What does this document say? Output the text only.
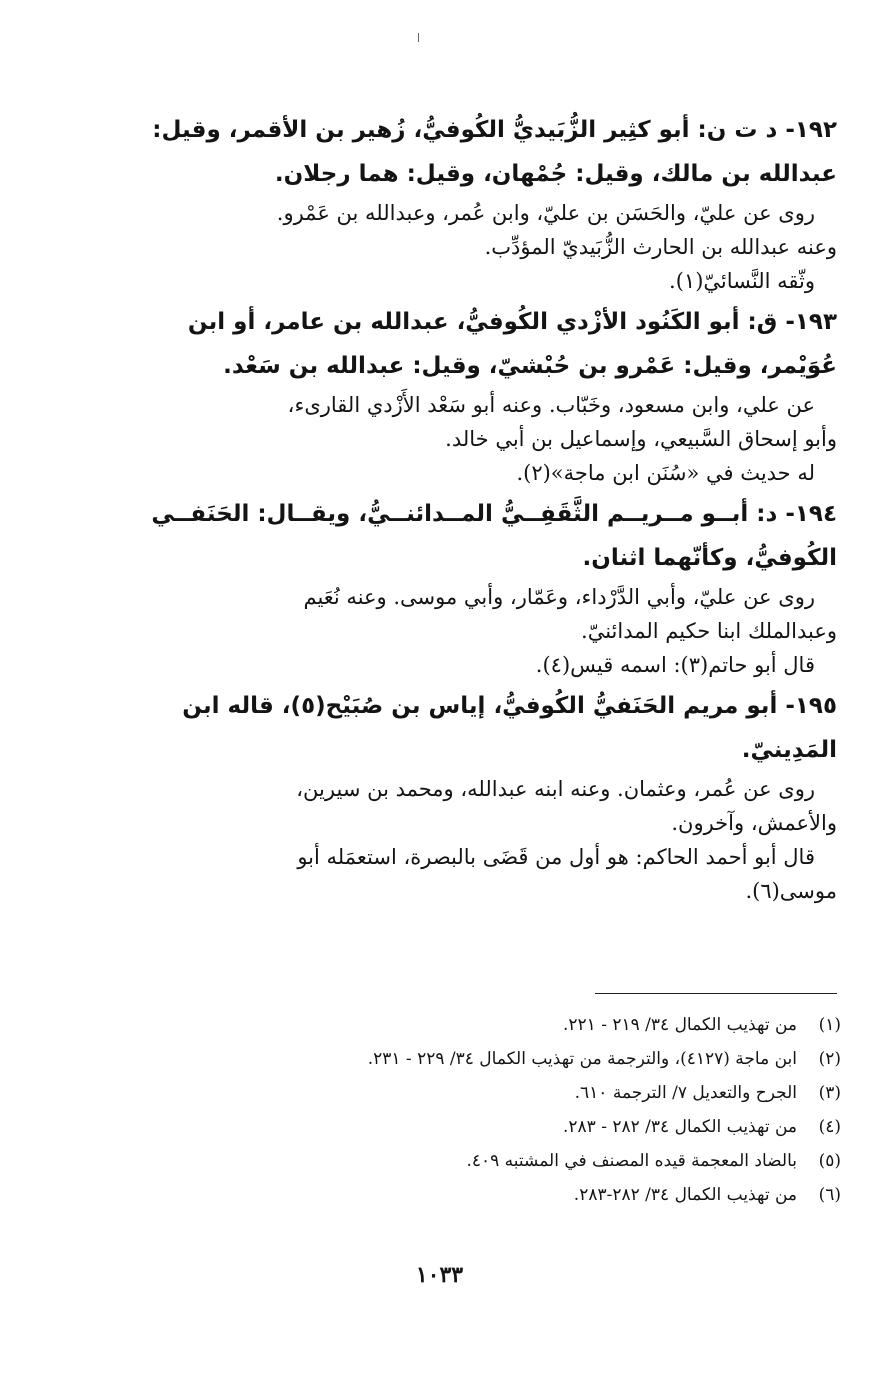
١٩٢- د ت ن: أبو كثِير الزُّبَيديُّ الكُوفيُّ، زُهير بن الأقمر، وقيل:

عبدالله بن مالك، وقيل: جُمْهان، وقيل: هما رجلان.

روى عن عليّ، والحَسَن بن عليّ، وابن عُمر، وعبدالله بن عَمْرو.

وعنه عبدالله بن الحارث الزُّبَيديّ المؤدِّب.

وثّقه النَّسائيّ(١).

١٩٣- ق: أبو الكَنُود الأزْدي الكُوفيُّ، عبدالله بن عامر، أو ابن

عُوَيْمر، وقيل: عَمْرو بن حُبْشيّ، وقيل: عبدالله بن سَعْد.

عن علي، وابن مسعود، وخَبّاب. وعنه أبو سَعْد الأَزْدي القارىء،

وأبو إسحاق السَّبيعي، وإسماعيل بن أبي خالد.

له حديث في «سُنَن ابن ماجة»(٢).

١٩٤- د: أبــو مــريــم الثَّقَفِــيُّ المــدائنــيُّ، ويقــال: الحَنَفــي

الكُوفيُّ، وكأنّهما اثنان.

روى عن عليّ، وأبي الدَّرْداء، وعَمّار، وأبي موسى. وعنه نُعَيم

وعبدالملك ابنا حكيم المدائنيّ.

قال أبو حاتم(٣): اسمه قيس(٤).

١٩٥- أبو مريم الحَنَفيُّ الكُوفيُّ، إياس بن صُبَيْح(٥)، قاله ابن

المَدِينيّ.

روى عن عُمر، وعثمان. وعنه ابنه عبدالله، ومحمد بن سيرين،

والأعمش، وآخرون.

قال أبو أحمد الحاكم: هو أول من قَضَى بالبصرة، استعمَله أبو

موسى(٦).

(١)من تهذيب الكمال ٣٤/ ٢١٩ - ٢٢١.

(٢)ابن ماجة (٤١٢٧)، والترجمة من تهذيب الكمال ٣٤/ ٢٢٩ - ٢٣١.

(٣)الجرح والتعديل ٧/ الترجمة ٦١٠.

(٤)من تهذيب الكمال ٣٤/ ٢٨٢ - ٢٨٣.

(٥)بالضاد المعجمة قيده المصنف في المشتبه ٤٠٩.

(٦)من تهذيب الكمال ٣٤/ ٢٨٢-٢٨٣.

١٠٣٣
